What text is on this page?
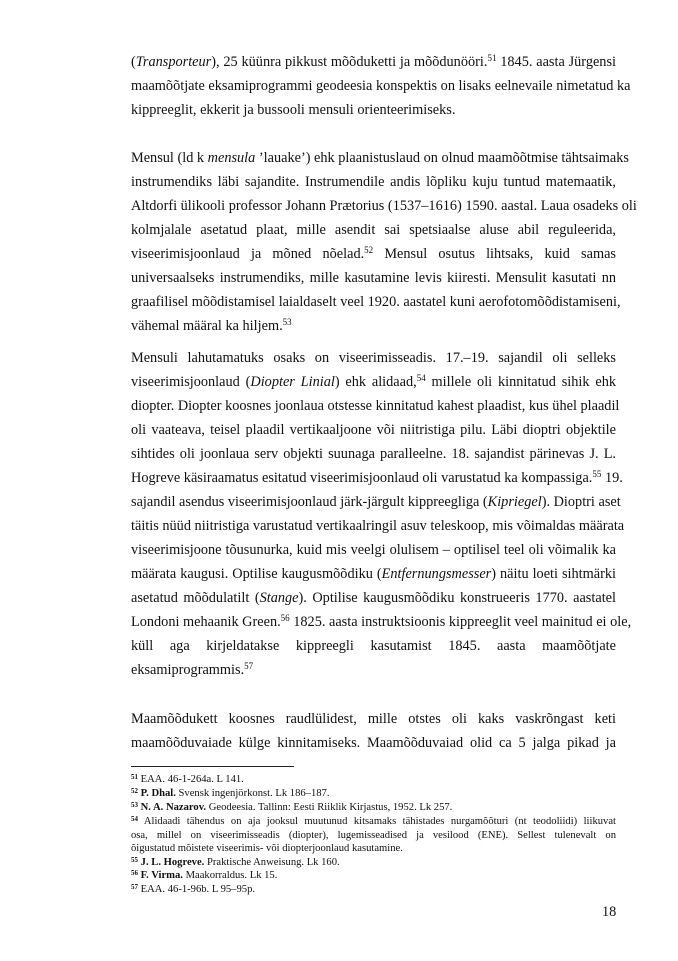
(Transporteur), 25 küünra pikkust mõõduketti ja mõõdunööri.$^{51}$ 1845. aasta Jürgensi
maamõõtjate eksamiprogrammi geodeesia konspektis on lisaks eelnevaile nimetatud ka
kippreeglit, ekkerit ja bussooli mensuli orienteerimiseks.
Mensul (ld k mensula ’lauake’) ehk plaanistuslaud on olnud maamõõtmise tähtsaimaks
instrumendiks läbi sajandite. Instrumendile andis lõpliku kuju tuntud matemaatik,
Altdorfi ülikooli professor Johann Prætorius (1537–1616) 1590. aastal. Laua osadeks oli
kolmjalale asetatud plaat, mille asendit sai spetsiaalse aluse abil reguleerida,
viseerimisjoonlaud ja mõned nõelad.$^{52}$ Mensul osutus lihtsaks, kuid samas
universaalseks instrumendiks, mille kasutamine levis kiiresti. Mensulit kasutati nn
graafilisel mõõdistamisel laialdaselt veel 1920. aastatel kuni aerofotomõõdistamiseni,
vähemal määral ka hiljem.$^{53}$
Mensuli lahutamatuks osaks on viseerimisseadis. 17.–19. sajandil oli selleks
viseerimisjoonlaud (Diopter Linial) ehk alidaad,$^{54}$ millele oli kinnitatud sihik ehk
diopter. Diopter koosnes joonlaua otstesse kinnitatud kahest plaadist, kus ühel plaadil
oli vaateava, teisel plaadil vertikaaljoone või niitristiga pilu. Läbi dioptri objektile
sihtides oli joonlaua serv objekti suunaga paralleelne. 18. sajandist pärinevas J. L.
Hogreve käsiraamatus esitatud viseerimisjoonlaud oli varustatud ka kompassiga.$^{55}$ 19.
sajandil asendus viseerimisjoonlaud järk-järgult kippreegliga (Kipriegel). Dioptri aset
täitis nüüd niitristiga varustatud vertikaalringil asuv teleskoop, mis võimaldas määrata
viseerimisjoone tõusunurka, kuid mis veelgi olulisem – optilisel teel oli võimalik ka
määrata kaugusi. Optilise kaugusmõõdiku (Entfernungsmesser) näitu loeti sihtmärki
asetatud mõõdulatilt (Stange). Optilise kaugusmõõdiku konstrueeris 1770. aastatel
Londoni mehaanik Green.$^{56}$ 1825. aasta instruktsioonis kippreeglit veel mainitud ei ole,
küll aga kirjeldatakse kippreegli kasutamist 1845. aasta maamõõtjate
eksamiprogrammis.$^{57}$
Maamõõdukett koosnes raudlülidest, mille otstes oli kaks vaskrõngast keti
maamõõduvaiade külge kinnitamiseks. Maamõõduvaiad olid ca 5 jalga pikad ja
$^{51}$ EAA. 46-1-264a. L 141.
$^{52}$ P. Dhal. Svensk ingenjörkonst. Lk 186–187.
$^{53}$ N. A. Nazarov. Geodeesia. Tallinn: Eesti Riiklik Kirjastus, 1952. Lk 257.
$^{54}$ Alidaadi tähendus on aja jooksul muutunud kitsamaks tähistades nurgamõõturi (nt teodoliidi) liikuvat
osa, millel on viseerimisseadis (diopter), lugemisseadised ja vesilood (ENE). Sellest tulenevalt on
õigustatud mõistete viseerimis- või diopterjoonlaud kasutamine.
$^{55}$ J. L. Hogreve. Praktische Anweisung. Lk 160.
$^{56}$ F. Virma. Maakorraldus. Lk 15.
$^{57}$ EAA. 46-1-96b. L 95–95p.
18
